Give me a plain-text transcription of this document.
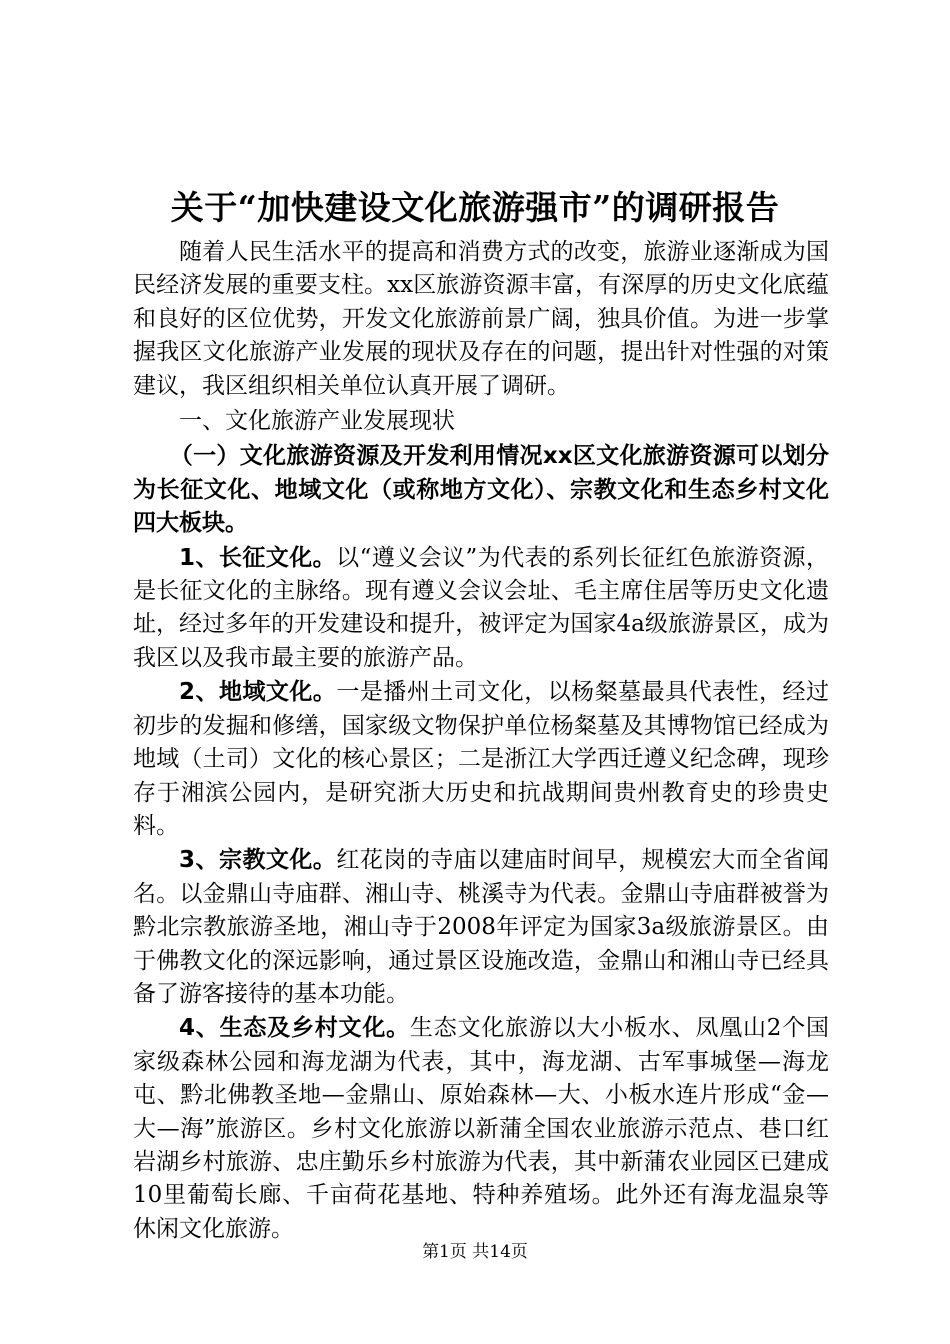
关于“加快建设文化旅游强市”的调研报告

随着人民生活水平的提高和消费方式的改变，旅游业逐渐成为国民经济发展的重要支柱。xx区旅游资源丰富，有深厚的历史文化底蕴和良好的区位优势，开发文化旅游前景广阔，独具价值。为进一步掌握我区文化旅游产业发展的现状及存在的问题，提出针对性强的对策建议，我区组织相关单位认真开展了调研。

一、文化旅游产业发展现状

（一）文化旅游资源及开发利用情况xx区文化旅游资源可以划分为长征文化、地域文化（或称地方文化）、宗教文化和生态乡村文化四大板块。

1、长征文化。以“遵义会议”为代表的系列长征红色旅游资源，是长征文化的主脉络。现有遵义会议会址、毛主席住居等历史文化遗址，经过多年的开发建设和提升，被评定为国家4a级旅游景区，成为我区以及我市最主要的旅游产品。

2、地域文化。一是播州土司文化，以杨粲墓最具代表性，经过初步的发掘和修缮，国家级文物保护单位杨粲墓及其博物馆已经成为地域（土司）文化的核心景区；二是浙江大学西迁遵义纪念碑，现珍存于湘滨公园内，是研究浙大历史和抗战期间贵州教育史的珍贵史料。

3、宗教文化。红花岗的寺庙以建庙时间早，规模宏大而全省闻名。以金鼎山寺庙群、湘山寺、桃溪寺为代表。金鼎山寺庙群被誉为黔北宗教旅游圣地，湘山寺于2008年评定为国家3a级旅游景区。由于佛教文化的深远影响，通过景区设施改造，金鼎山和湘山寺已经具备了游客接待的基本功能。

4、生态及乡村文化。生态文化旅游以大小板水、凤凰山2个国家级森林公园和海龙湖为代表，其中，海龙湖、古军事城堡—海龙屯、黔北佛教圣地—金鼎山、原始森林—大、小板水连片形成“金—大—海”旅游区。乡村文化旅游以新蒲全国农业旅游示范点、巷口红岩湖乡村旅游、忠庄勤乐乡村旅游为代表，其中新蒲农业园区已建成10里葡萄长廊、千亩荷花基地、特种养殖场。此外还有海龙温泉等休闲文化旅游。

第1页 共14页
